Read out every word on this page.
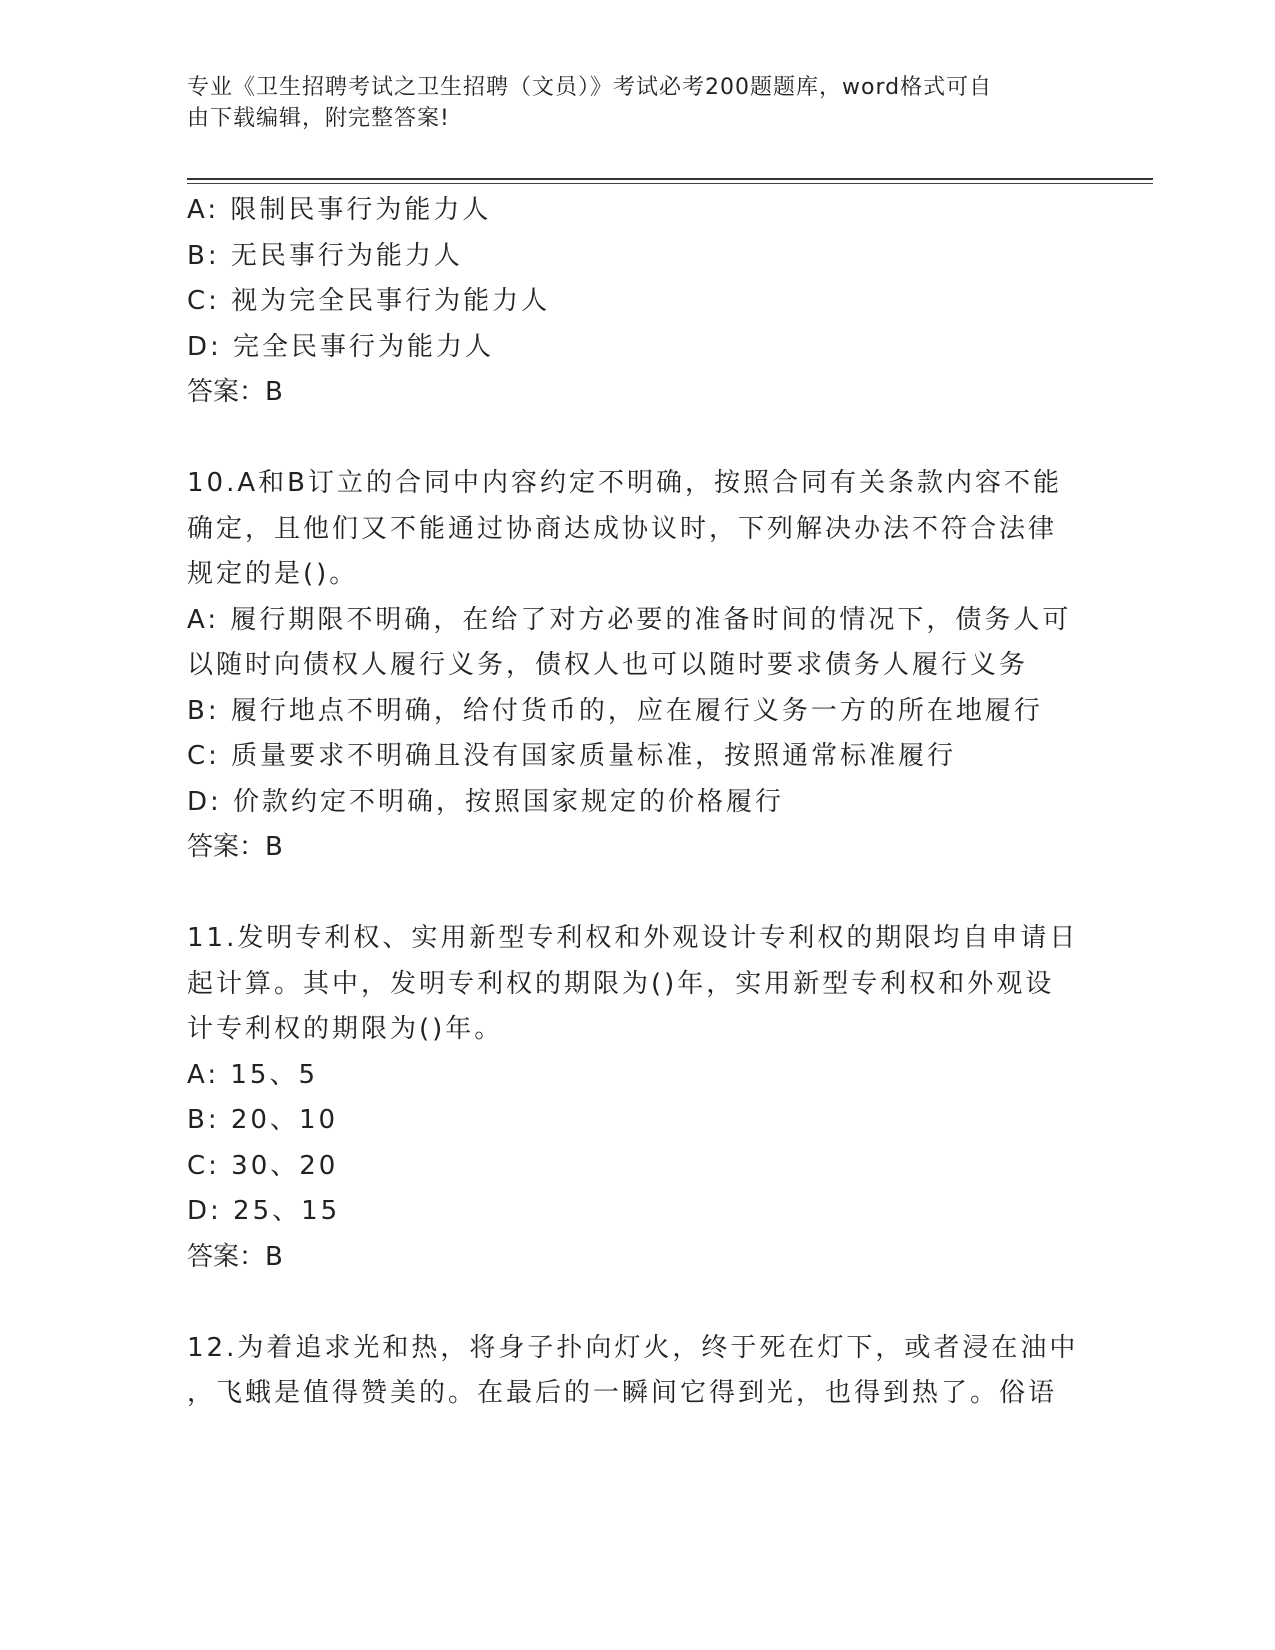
专业《卫生招聘考试之卫生招聘（文员）》考试必考200题题库，word格式可自
由下载编辑，附完整答案!
A: 限制民事行为能力人
B: 无民事行为能力人
C: 视为完全民事行为能力人
D: 完全民事行为能力人
答案：B
10.A和B订立的合同中内容约定不明确，按照合同有关条款内容不能
确定，且他们又不能通过协商达成协议时，下列解决办法不符合法律
规定的是()。
A: 履行期限不明确，在给了对方必要的准备时间的情况下，债务人可
以随时向债权人履行义务，债权人也可以随时要求债务人履行义务
B: 履行地点不明确，给付货币的，应在履行义务一方的所在地履行
C: 质量要求不明确且没有国家质量标准，按照通常标准履行
D: 价款约定不明确，按照国家规定的价格履行
答案：B
11.发明专利权、实用新型专利权和外观设计专利权的期限均自申请日
起计算。其中，发明专利权的期限为()年，实用新型专利权和外观设
计专利权的期限为()年。
A: 15、5
B: 20、10
C: 30、20
D: 25、15
答案：B
12.为着追求光和热，将身子扑向灯火，终于死在灯下，或者浸在油中
，飞蛾是值得赞美的。在最后的一瞬间它得到光，也得到热了。俗语
